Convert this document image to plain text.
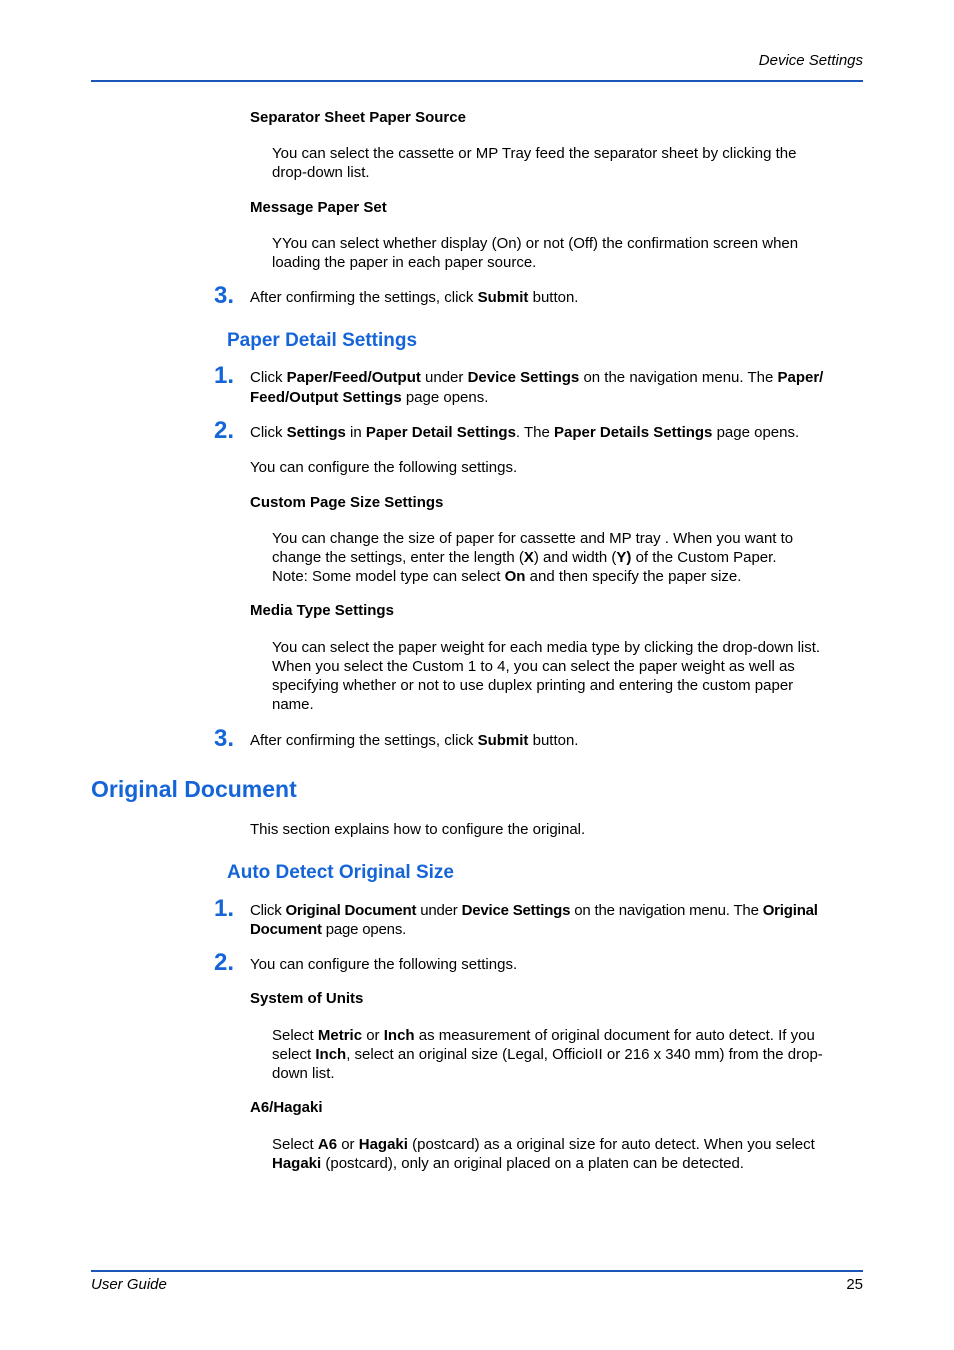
Device Settings
Separator Sheet Paper Source
You can select the cassette or MP Tray feed the separator sheet by clicking the
drop-down list.
Message Paper Set
YYou can select whether display (On) or not (Off) the confirmation screen when
loading the paper in each paper source.
3. After confirming the settings, click Submit button.
Paper Detail Settings
1. Click Paper/Feed/Output under Device Settings on the navigation menu. The Paper/
Feed/Output Settings page opens.
2. Click Settings in Paper Detail Settings. The Paper Details Settings page opens.
You can configure the following settings.
Custom Page Size Settings
You can change the size of paper for cassette and MP tray . When you want to
change the settings, enter the length (X) and width (Y) of the Custom Paper.
Note: Some model type can select On and then specify the paper size.
Media Type Settings
You can select the paper weight for each media type by clicking the drop-down list.
When you select the Custom 1 to 4, you can select the paper weight as well as
specifying whether or not to use duplex printing and entering the custom paper
name.
3. After confirming the settings, click Submit button.
Original Document
This section explains how to configure the original.
Auto Detect Original Size
1. Click Original Document under Device Settings on the navigation menu. The Original
Document page opens.
2. You can configure the following settings.
System of Units
Select Metric or Inch as measurement of original document for auto detect. If you
select Inch, select an original size (Legal, OfficioII or 216 x 340 mm) from the drop-
down list.
A6/Hagaki
Select A6 or Hagaki (postcard) as a original size for auto detect. When you select
Hagaki (postcard), only an original placed on a platen can be detected.
User Guide	25
